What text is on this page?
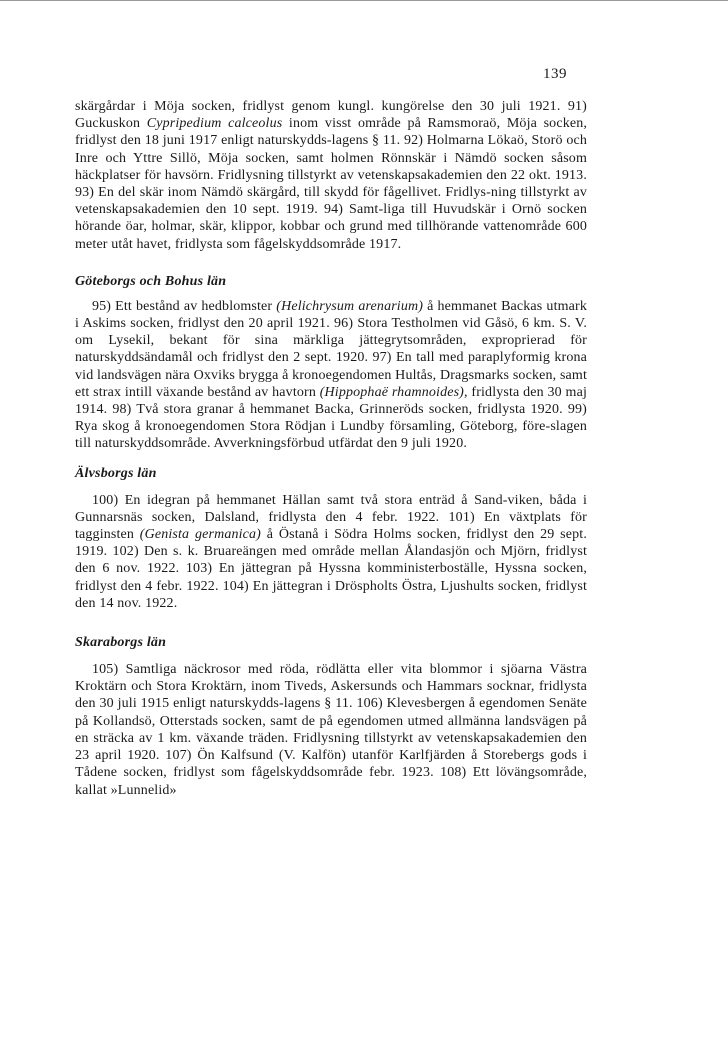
139

skärgårdar i Möja socken, fridlyst genom kungl. kungörelse den 30 juli 1921. 91) Guckuskon Cypripedium calceolus inom visst område på Ramsmoraö, Möja socken, fridlyst den 18 juni 1917 enligt naturskydds-lagens § 11. 92) Holmarna Lökaö, Storö och Inre och Yttre Sillö, Möja socken, samt holmen Rönnskär i Nämdö socken såsom häckplatser för havsörn. Fridlysning tillstyrkt av vetenskapsakademien den 22 okt. 1913. 93) En del skär inom Nämdö skärgård, till skydd för fågellivet. Fridlys-ning tillstyrkt av vetenskapsakademien den 10 sept. 1919. 94) Samt-liga till Huvudskär i Ornö socken hörande öar, holmar, skär, klippor, kobbar och grund med tillhörande vattenområde 600 meter utåt havet, fridlysta som fågelskyddsområde 1917.

Göteborgs och Bohus län

95) Ett bestånd av hedblomster (Helichrysum arenarium) å hemmanet Backas utmark i Askims socken, fridlyst den 20 april 1921. 96) Stora Testholmen vid Gåsö, 6 km. S. V. om Lysekil, bekant för sina märkliga jättegrytsområden, exproprierad för naturskyddsändamål och fridlyst den 2 sept. 1920. 97) En tall med paraplyformig krona vid landsvägen nära Oxviks brygga å kronoegendomen Hultås, Dragsmarks socken, samt ett strax intill växande bestånd av havtorn (Hippophaë rhamnoides), fridlysta den 30 maj 1914. 98) Två stora granar å hemmanet Backa, Grinneröds socken, fridlysta 1920. 99) Rya skog å kronoegendomen Stora Rödjan i Lundby församling, Göteborg, före-slagen till naturskyddsområde. Avverkningsförbud utfärdat den 9 juli 1920.

Älvsborgs län

100) En idegran på hemmanet Hällan samt två stora enträd å Sand-viken, båda i Gunnarsnäs socken, Dalsland, fridlysta den 4 febr. 1922. 101) En växtplats för tagginsten (Genista germanica) å Östanå i Södra Holms socken, fridlyst den 29 sept. 1919. 102) Den s. k. Bruareängen med område mellan Ålandasjön och Mjörn, fridlyst den 6 nov. 1922. 103) En jättegran på Hyssna komministerboställe, Hyssna socken, fridlyst den 4 febr. 1922. 104) En jättegran i Dröspholts Östra, Ljushults socken, fridlyst den 14 nov. 1922.

Skaraborgs län

105) Samtliga näckrosor med röda, rödlätta eller vita blommor i sjöarna Västra Kroktärn och Stora Kroktärn, inom Tiveds, Askersunds och Hammars socknar, fridlysta den 30 juli 1915 enligt naturskydds-lagens § 11. 106) Klevesbergen å egendomen Senäte på Kollandsö, Otterstads socken, samt de på egendomen utmed allmänna landsvägen på en sträcka av 1 km. växande träden. Fridlysning tillstyrkt av vetenskapsakademien den 23 april 1920. 107) Ön Kalfsund (V. Kalfön) utanför Karlfjärden å Storebergs gods i Tådene socken, fridlyst som fågelskyddsområde febr. 1923. 108) Ett lövängsområde, kallat »Lunnelid»
